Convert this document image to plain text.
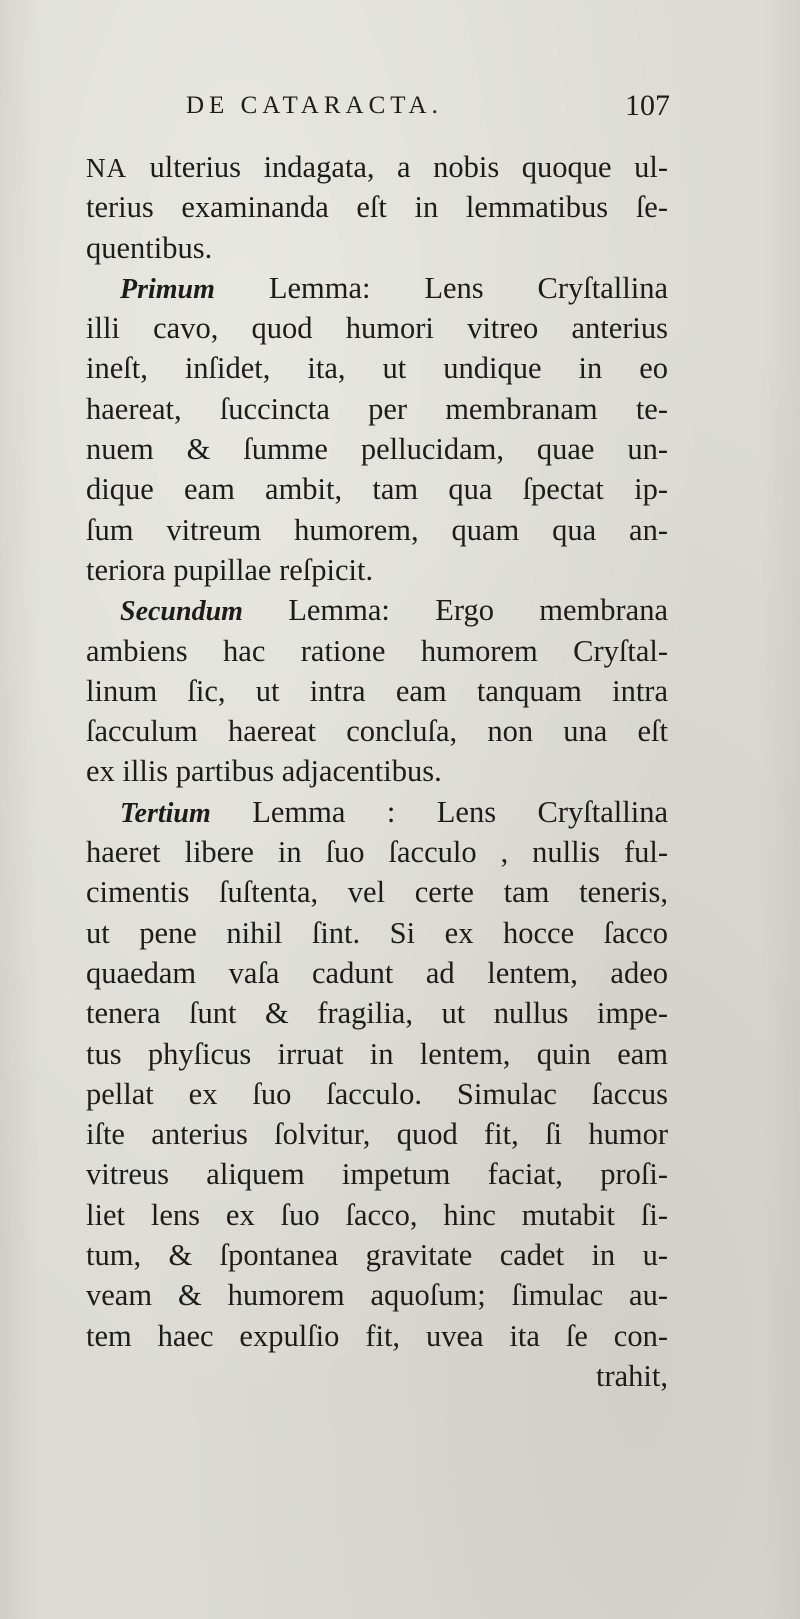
DE CATARACTA.	107
NA ulterius indagata, a nobis quoque ul-
terius examinanda eſt in lemmatibus ſe-
quentibus.
Primum Lemma: Lens Cryſtallina
illi cavo, quod humori vitreo anterius
ineſt, inſidet, ita, ut undique in eo
haereat, ſuccincta per membranam te-
nuem & ſumme pellucidam, quae un-
dique eam ambit, tam qua ſpectat ip-
ſum vitreum humorem, quam qua an-
teriora pupillae reſpicit.
Secundum Lemma: Ergo membrana
ambiens hac ratione humorem Cryſtal-
linum ſic, ut intra eam tanquam intra
ſacculum haereat concluſa, non una eſt
ex illis partibus adjacentibus.
Tertium Lemma : Lens Cryſtallina
haeret libere in ſuo ſacculo , nullis ful-
cimentis ſuſtenta, vel certe tam teneris,
ut pene nihil ſint. Si ex hocce ſacco
quaedam vaſa cadunt ad lentem, adeo
tenera ſunt & fragilia, ut nullus impe-
tus phyſicus irruat in lentem, quin eam
pellat ex ſuo ſacculo. Simulac ſaccus
iſte anterius ſolvitur, quod fit, ſi humor
vitreus aliquem impetum faciat, proſi-
liet lens ex ſuo ſacco, hinc mutabit ſi-
tum, & ſpontanea gravitate cadet in u-
veam & humorem aquoſum; ſimulac au-
tem haec expulſio fit, uvea ita ſe con-
trahit,
